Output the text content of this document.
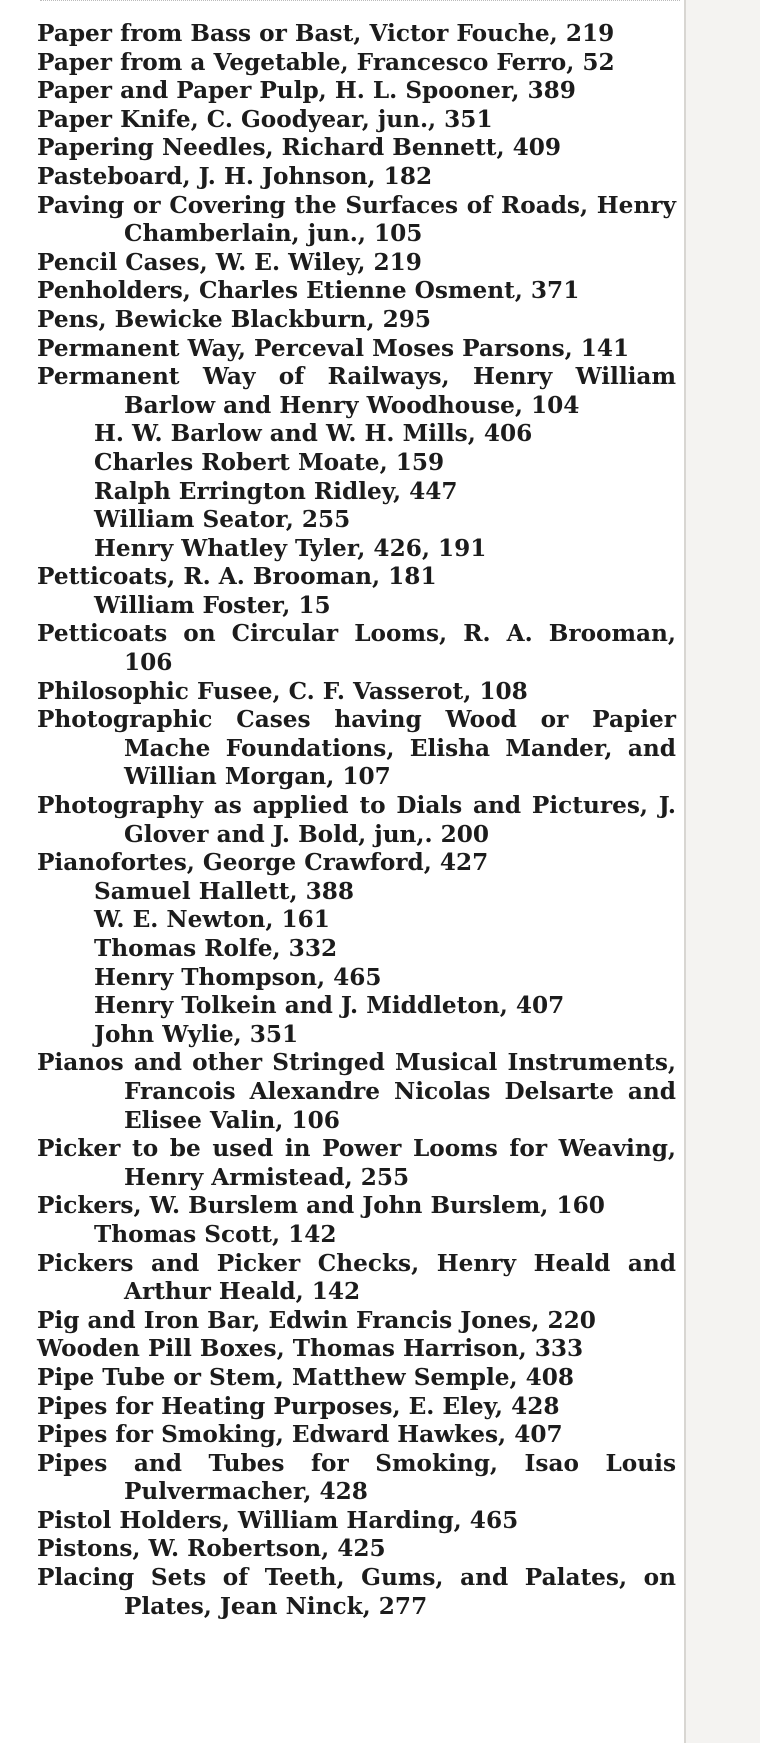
Paper from Bass or Bast, Victor Fouche, 219
Paper from a Vegetable, Francesco Ferro, 52
Paper and Paper Pulp, H. L. Spooner, 389
Paper Knife, C. Goodyear, jun., 351
Papering Needles, Richard Bennett, 409
Pasteboard, J. H. Johnson, 182
Paving or Covering the Surfaces of Roads, Henry Chamberlain, jun., 105
Pencil Cases, W. E. Wiley, 219
Penholders, Charles Etienne Osment, 371
Pens, Bewicke Blackburn, 295
Permanent Way, Perceval Moses Parsons, 141
Permanent Way of Railways, Henry William Barlow and Henry Woodhouse, 104
H. W. Barlow and W. H. Mills, 406
Charles Robert Moate, 159
Ralph Errington Ridley, 447
William Seator, 255
Henry Whatley Tyler, 426, 191
Petticoats, R. A. Brooman, 181
William Foster, 15
Petticoats on Circular Looms, R. A. Brooman, 106
Philosophic Fusee, C. F. Vasserot, 108
Photographic Cases having Wood or Papier Mache Foundations, Elisha Mander, and Willian Morgan, 107
Photography as applied to Dials and Pictures, J. Glover and J. Bold, jun,. 200
Pianofortes, George Crawford, 427
Samuel Hallett, 388
W. E. Newton, 161
Thomas Rolfe, 332
Henry Thompson, 465
Henry Tolkein and J. Middleton, 407
John Wylie, 351
Pianos and other Stringed Musical Instruments, Francois Alexandre Nicolas Delsarte and Elisee Valin, 106
Picker to be used in Power Looms for Weaving, Henry Armistead, 255
Pickers, W. Burslem and John Burslem, 160
Thomas Scott, 142
Pickers and Picker Checks, Henry Heald and Arthur Heald, 142
Pig and Iron Bar, Edwin Francis Jones, 220
Wooden Pill Boxes, Thomas Harrison, 333
Pipe Tube or Stem, Matthew Semple, 408
Pipes for Heating Purposes, E. Eley, 428
Pipes for Smoking, Edward Hawkes, 407
Pipes and Tubes for Smoking, Isao Louis Pulvermacher, 428
Pistol Holders, William Harding, 465
Pistons, W. Robertson, 425
Placing Sets of Teeth, Gums, and Palates, on Plates, Jean Ninck, 277
